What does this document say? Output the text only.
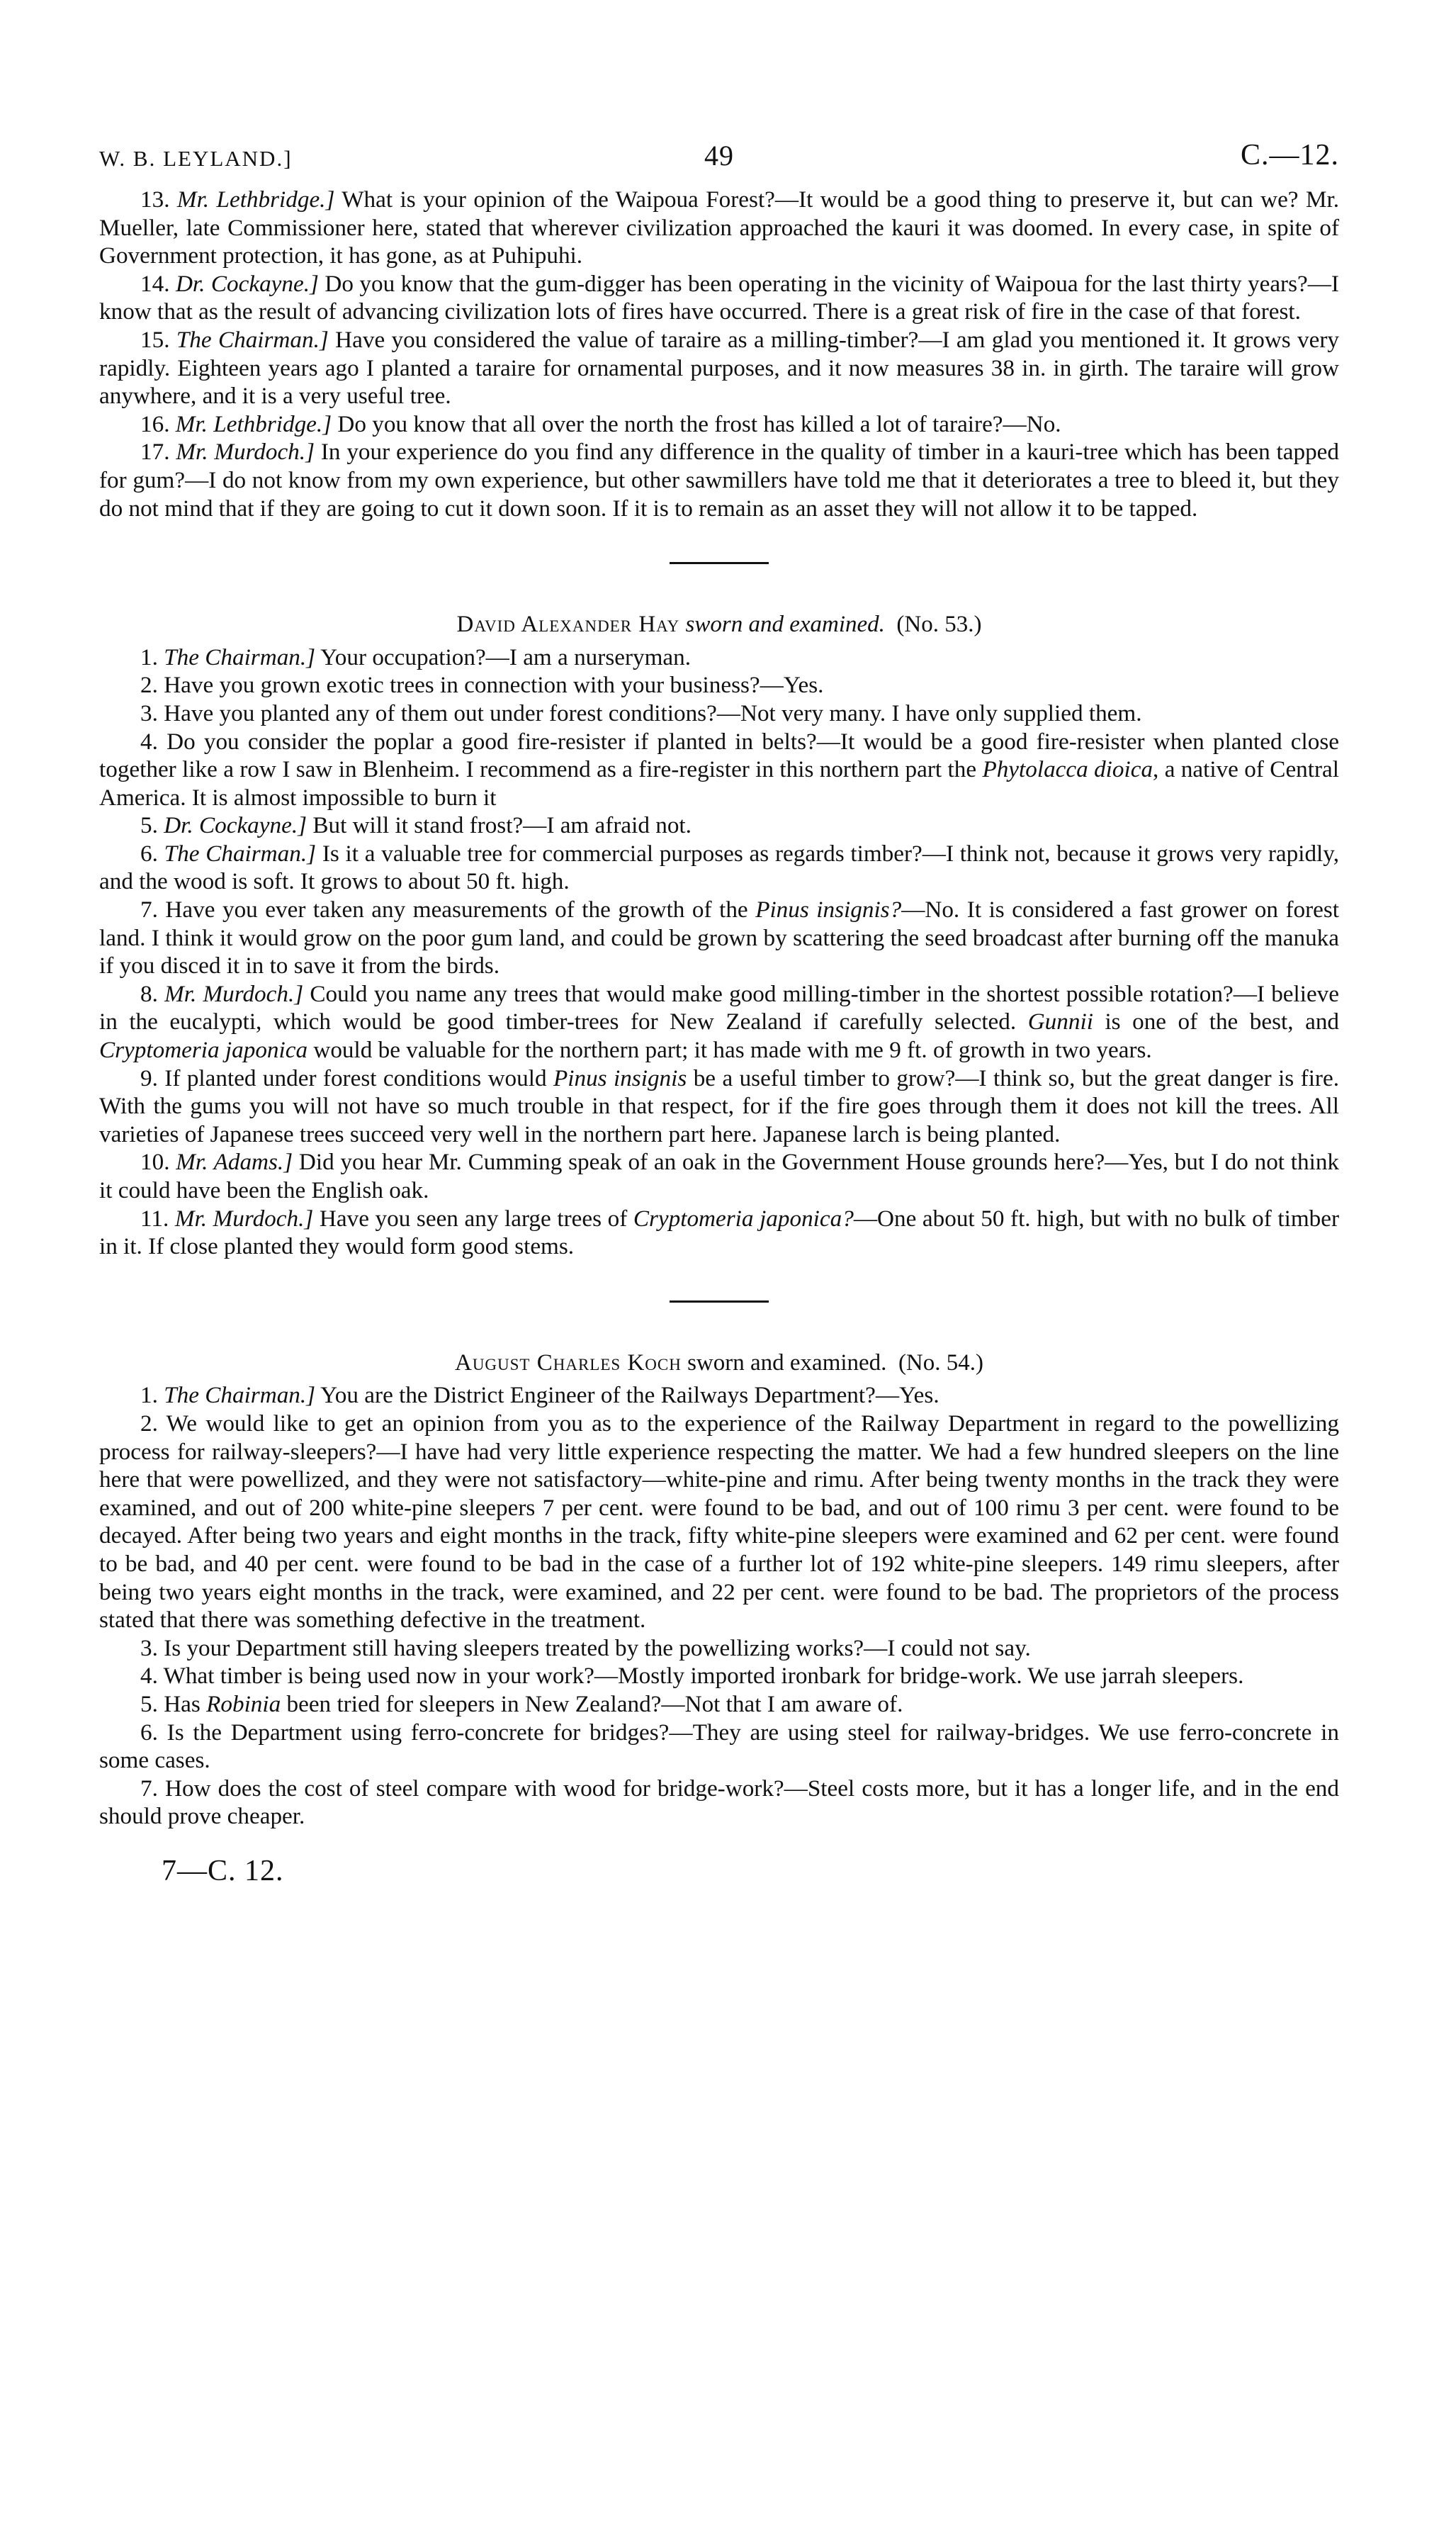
W. B. LEYLAND.]	49	C.—12.

13. Mr. Lethbridge.] What is your opinion of the Waipoua Forest?—It would be a good thing to preserve it, but can we? Mr. Mueller, late Commissioner here, stated that wherever civilization approached the kauri it was doomed. In every case, in spite of Government protection, it has gone, as at Puhipuhi.

14. Dr. Cockayne.] Do you know that the gum-digger has been operating in the vicinity of Waipoua for the last thirty years?—I know that as the result of advancing civilization lots of fires have occurred. There is a great risk of fire in the case of that forest.

15. The Chairman.] Have you considered the value of taraire as a milling-timber?—I am glad you mentioned it. It grows very rapidly. Eighteen years ago I planted a taraire for ornamental purposes, and it now measures 38 in. in girth. The taraire will grow anywhere, and it is a very useful tree.

16. Mr. Lethbridge.] Do you know that all over the north the frost has killed a lot of taraire?—No.

17. Mr. Murdoch.] In your experience do you find any difference in the quality of timber in a kauri-tree which has been tapped for gum?—I do not know from my own experience, but other sawmillers have told me that it deteriorates a tree to bleed it, but they do not mind that if they are going to cut it down soon. If it is to remain as an asset they will not allow it to be tapped.

David Alexander Hay sworn and examined. (No. 53.)

1. The Chairman.] Your occupation?—I am a nurseryman.

2. Have you grown exotic trees in connection with your business?—Yes.

3. Have you planted any of them out under forest conditions?—Not very many. I have only supplied them.

4. Do you consider the poplar a good fire-resister if planted in belts?—It would be a good fire-resister when planted close together like a row I saw in Blenheim. I recommend as a fire-register in this northern part the Phytolacca dioica, a native of Central America. It is almost impossible to burn it

5. Dr. Cockayne.] But will it stand frost?—I am afraid not.

6. The Chairman.] Is it a valuable tree for commercial purposes as regards timber?—I think not, because it grows very rapidly, and the wood is soft. It grows to about 50 ft. high.

7. Have you ever taken any measurements of the growth of the Pinus insignis?—No. It is considered a fast grower on forest land. I think it would grow on the poor gum land, and could be grown by scattering the seed broadcast after burning off the manuka if you disced it in to save it from the birds.

8. Mr. Murdoch.] Could you name any trees that would make good milling-timber in the shortest possible rotation?—I believe in the eucalypti, which would be good timber-trees for New Zealand if carefully selected. Gunnii is one of the best, and Cryptomeria japonica would be valuable for the northern part; it has made with me 9 ft. of growth in two years.

9. If planted under forest conditions would Pinus insignis be a useful timber to grow?—I think so, but the great danger is fire. With the gums you will not have so much trouble in that respect, for if the fire goes through them it does not kill the trees. All varieties of Japanese trees succeed very well in the northern part here. Japanese larch is being planted.

10. Mr. Adams.] Did you hear Mr. Cumming speak of an oak in the Government House grounds here?—Yes, but I do not think it could have been the English oak.

11. Mr. Murdoch.] Have you seen any large trees of Cryptomeria japonica?—One about 50 ft. high, but with no bulk of timber in it. If close planted they would form good stems.

August Charles Koch sworn and examined. (No. 54.)

1. The Chairman.] You are the District Engineer of the Railways Department?—Yes.

2. We would like to get an opinion from you as to the experience of the Railway Department in regard to the powellizing process for railway-sleepers?—I have had very little experience respecting the matter. We had a few hundred sleepers on the line here that were powellized, and they were not satisfactory—white-pine and rimu. After being twenty months in the track they were examined, and out of 200 white-pine sleepers 7 per cent. were found to be bad, and out of 100 rimu 3 per cent. were found to be decayed. After being two years and eight months in the track, fifty white-pine sleepers were examined and 62 per cent. were found to be bad, and 40 per cent. were found to be bad in the case of a further lot of 192 white-pine sleepers. 149 rimu sleepers, after being two years eight months in the track, were examined, and 22 per cent. were found to be bad. The proprietors of the process stated that there was something defective in the treatment.

3. Is your Department still having sleepers treated by the powellizing works?—I could not say.

4. What timber is being used now in your work?—Mostly imported ironbark for bridge-work. We use jarrah sleepers.

5. Has Robinia been tried for sleepers in New Zealand?—Not that I am aware of.

6. Is the Department using ferro-concrete for bridges?—They are using steel for railway-bridges. We use ferro-concrete in some cases.

7. How does the cost of steel compare with wood for bridge-work?—Steel costs more, but it has a longer life, and in the end should prove cheaper.

7—C. 12.
